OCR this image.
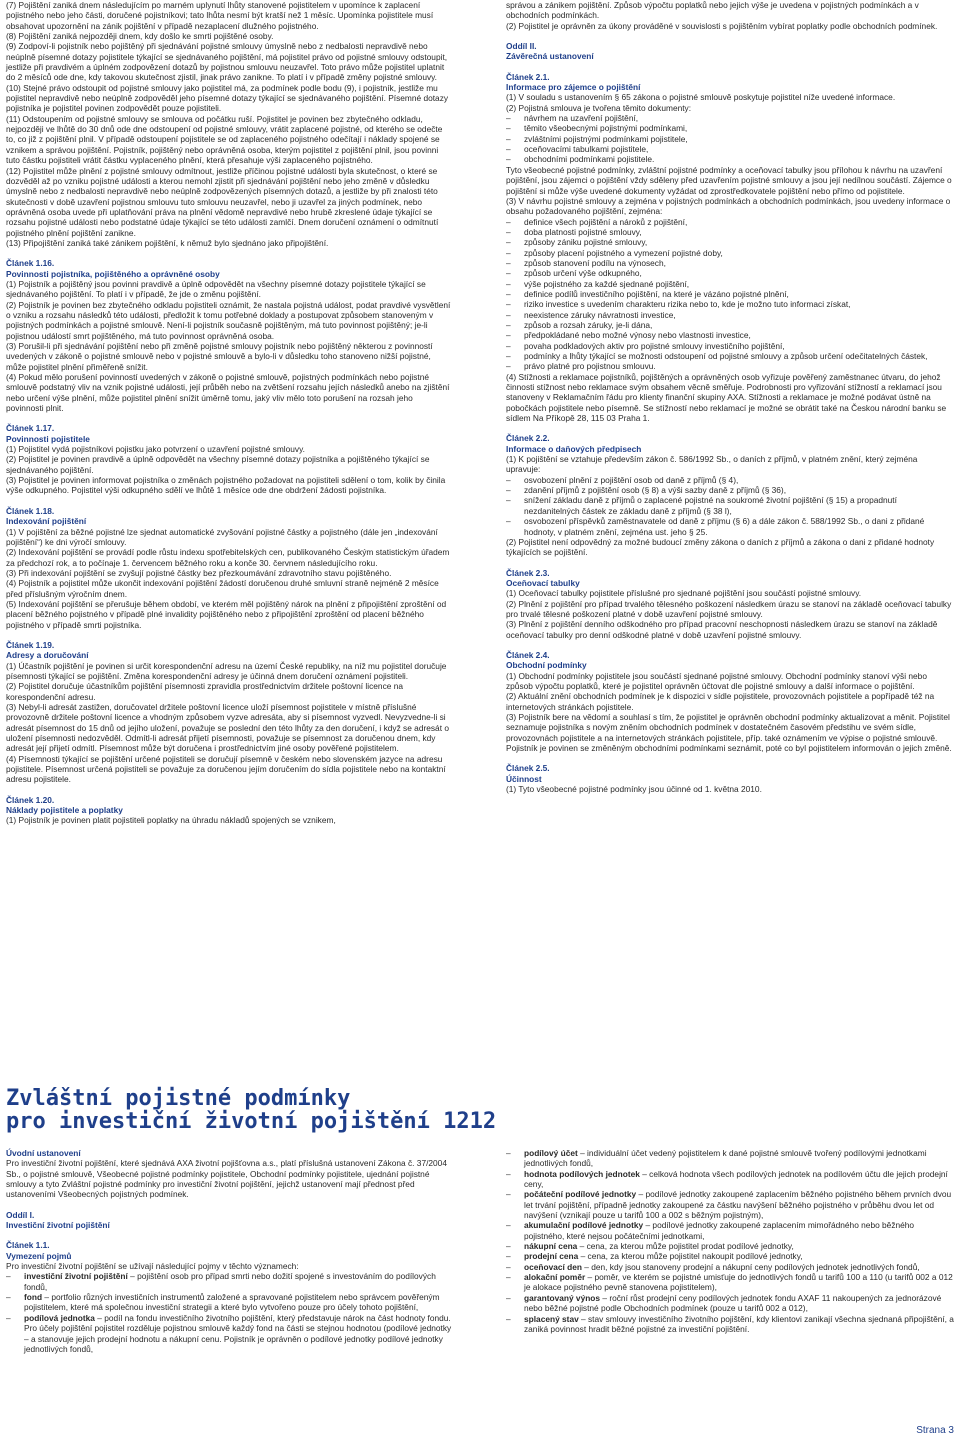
(7) Pojištění zaniká dnem následujícím po marném uplynutí lhůty stanovené pojistitelem v upomínce k zaplacení pojistného nebo jeho části, doručené pojistníkovi; tato lhůta nesmí být kratší než 1 měsíc. Upomínka pojistitele musí obsahovat upozornění na zánik pojištění v případě nezaplacení dlužného pojistného.

(8) Pojištění zaniká nejpozději dnem, kdy došlo ke smrti pojištěné osoby.

(9) Zodpoví-li pojistník nebo pojištěný při sjednávání pojistné smlouvy úmyslně nebo z nedbalosti nepravdivě nebo neúplně písemné dotazy pojistitele týkající se sjednávaného pojištění, má pojistitel právo od pojistné smlouvy odstoupit, jestliže při pravdivém a úplném zodpovězení dotazů by pojistnou smlouvu neuzavřel. Toto právo může pojistitel uplatnit do 2 měsíců ode dne, kdy takovou skutečnost zjistil, jinak právo zanikne. To platí i v případě změny pojistné smlouvy.

(10) Stejné právo odstoupit od pojistné smlouvy jako pojistitel má, za podmínek podle bodu (9), i pojistník, jestliže mu pojistitel nepravdivě nebo neúplně zodpověděl jeho písemné dotazy týkající se sjednávaného pojištění. Písemné dotazy pojistníka je pojistitel povinen zodpovědět pouze pojistiteli.

(11) Odstoupením od pojistné smlouvy se smlouva od počátku ruší. Pojistitel je povinen bez zbytečného odkladu, nejpozději ve lhůtě do 30 dnů ode dne odstoupení od pojistné smlouvy, vrátit zaplacené pojistné, od kterého se odečte to, co již z pojištění plnil. V případě odstoupení pojistitele se od zaplaceného pojistného odečítají i náklady spojené se vznikem a správou pojištění. Pojistník, pojištěný nebo oprávněná osoba, kterým pojistitel z pojištění plnil, jsou povinni tuto částku pojistiteli vrátit částku vyplaceného plnění, která přesahuje výši zaplaceného pojistného.

(12) Pojistitel může plnění z pojistné smlouvy odmítnout, jestliže příčinou pojistné události byla skutečnost, o které se dozvěděl až po vzniku pojistné události a kterou nemohl zjistit při sjednávání pojištění nebo jeho změně v důsledku úmyslně nebo z nedbalosti nepravdivě nebo neúplně zodpovězených písemných dotazů, a jestliže by při znalosti této skutečnosti v době uzavření pojistnou smlouvu tuto smlouvu neuzavřel, nebo ji uzavřel za jiných podmínek, nebo oprávněná osoba uvede při uplatňování práva na plnění vědomě nepravdivé nebo hrubě zkreslené údaje týkající se rozsahu pojistné události nebo podstatné údaje týkající se této události zamlčí. Dnem doručení oznámení o odmítnutí pojistného plnění pojištění zanikne.

(13) Připojištění zaniká také zánikem pojištění, k němuž bylo sjednáno jako připojištění.

Článek 1.16.

Povinnosti pojistníka, pojištěného a oprávněné osoby

(1) Pojistník a pojištěný jsou povinni pravdivě a úplně odpovědět na všechny písemné dotazy pojistitele týkající se sjednávaného pojištění. To platí i v případě, že jde o změnu pojištění.

(2) Pojistník je povinen bez zbytečného odkladu pojistiteli oznámit, že nastala pojistná událost, podat pravdivé vysvětlení o vzniku a rozsahu následků této události, předložit k tomu potřebné doklady a postupovat způsobem stanoveným v pojistných podmínkách a pojistné smlouvě. Není-li pojistník současně pojištěným, má tuto povinnost pojištěný; je-li pojistnou událostí smrt pojištěného, má tuto povinnost oprávněná osoba.

(3) Porušil-li při sjednávání pojištění nebo při změně pojistné smlouvy pojistník nebo pojištěný některou z povinností uvedených v zákoně o pojistné smlouvě nebo v pojistné smlouvě a bylo-li v důsledku toho stanoveno nižší pojistné, může pojistitel plnění přiměřeně snížit.

(4) Pokud mělo porušení povinností uvedených v zákoně o pojistné smlouvě, pojistných podmínkách nebo pojistné smlouvě podstatný vliv na vznik pojistné události, její průběh nebo na zvětšení rozsahu jejích následků anebo na zjištění nebo určení výše plnění, může pojistitel plnění snížit úměrně tomu, jaký vliv mělo toto porušení na rozsah jeho povinnosti plnit.

Článek 1.17.

Povinnosti pojistitele

(1) Pojistitel vydá pojistníkovi pojistku jako potvrzení o uzavření pojistné smlouvy.

(2) Pojistitel je povinen pravdivě a úplně odpovědět na všechny písemné dotazy pojistníka a pojištěného týkající se sjednávaného pojištění.

(3) Pojistitel je povinen informovat pojistníka o změnách pojistného požadovat na pojistiteli sdělení o tom, kolik by činila výše odkupného. Pojistitel výši odkupného sdělí ve lhůtě 1 měsíce ode dne obdržení žádosti pojistníka.

Článek 1.18.

Indexování pojištění

(1) V pojištění za běžné pojistné lze sjednat automatické zvyšování pojistné částky a pojistného (dále jen „indexování pojištění“) ke dni výročí smlouvy.

(2) Indexování pojištění se provádí podle růstu indexu spotřebitelských cen, publikovaného Českým statistickým úřadem za předchozí rok, a to počínaje 1. červencem běžného roku a konče 30. červnem následujícího roku.

(3) Při indexování pojištění se zvyšují pojistné částky bez přezkoumávání zdravotního stavu pojištěného.

(4) Pojistník a pojistitel může ukončit indexování pojištění žádostí doručenou druhé smluvní straně nejméně 2 měsíce před příslušným výročním dnem.

(5) Indexování pojištění se přerušuje během období, ve kterém měl pojištěný nárok na plnění z připojištění zproštění od placení běžného pojistného v případě plné invalidity pojištěného nebo z připojištění zproštění od placení běžného pojistného v případě smrti pojistníka.

Článek 1.19.

Adresy a doručování

(1) Účastník pojištění je povinen si určit korespondenční adresu na území České republiky, na níž mu pojistitel doručuje písemnosti týkající se pojištění. Změna korespondenční adresy je účinná dnem doručení oznámení pojistiteli.

(2) Pojistitel doručuje účastníkům pojištění písemnosti zpravidla prostřednictvím držitele poštovní licence na korespondenční adresu.

(3) Nebyl-li adresát zastižen, doručovatel držitele poštovní licence uloží písemnost pojistitele v místně příslušné provozovně držitele poštovní licence a vhodným způsobem vyzve adresáta, aby si písemnost vyzvedl. Nevyzvedne-li si adresát písemnost do 15 dnů od jejího uložení, považuje se poslední den této lhůty za den doručení, i když se adresát o uložení písemnosti nedozvěděl. Odmítl-li adresát přijetí písemnosti, považuje se písemnost za doručenou dnem, kdy adresát její přijetí odmítl. Písemnost může být doručena i prostřednictvím jiné osoby pověřené pojistitelem.

(4) Písemnosti týkající se pojištění určené pojistiteli se doručují písemně v českém nebo slovenském jazyce na adresu pojistitele. Písemnost určená pojistiteli se považuje za doručenou jejím doručením do sídla pojistitele nebo na kontaktní adresu pojistitele.

Článek 1.20.

Náklady pojistitele a poplatky

(1) Pojistník je povinen platit pojistiteli poplatky na úhradu nákladů spojených se vznikem,

správou a zánikem pojištění. Způsob výpočtu poplatků nebo jejich výše je uvedena v pojistných podmínkách a v obchodních podmínkách.

(2) Pojistitel je oprávněn za úkony prováděné v souvislosti s pojištěním vybírat poplatky podle obchodních podmínek.

Oddíl II.

Závěrečná ustanovení

Článek 2.1.

Informace pro zájemce o pojištění

(1) V souladu s ustanovením § 65 zákona o pojistné smlouvě poskytuje pojistitel níže uvedené informace.

(2) Pojistná smlouva je tvořena těmito dokumenty:

–	návrhem na uzavření pojištění,
–	těmito všeobecnými pojistnými podmínkami,
–	zvláštními pojistnými podmínkami pojistitele,
–	oceňovacími tabulkami pojistitele,
–	obchodními podmínkami pojistitele.

Tyto všeobecné pojistné podmínky, zvláštní pojistné podmínky a oceňovací tabulky jsou přílohou k návrhu na uzavření pojištění, jsou zájemci o pojištění vždy sděleny před uzavřením pojistné smlouvy a jsou její nedílnou součástí. Zájemce o pojištění si může výše uvedené dokumenty vyžádat od zprostředkovatele pojištění nebo přímo od pojistitele.

(3) V návrhu pojistné smlouvy a zejména v pojistných podmínkách a obchodních podmínkách, jsou uvedeny informace o obsahu požadovaného pojištění, zejména:

–	definice všech pojištění a nároků z pojištění,
–	doba platnosti pojistné smlouvy,
–	způsoby zániku pojistné smlouvy,
–	způsoby placení pojistného a vymezení pojistné doby,
–	způsob stanovení podílu na výnosech,
–	způsob určení výše odkupného,
–	výše pojistného za každé sjednané pojištění,
–	definice podílů investičního pojištění, na které je vázáno pojistné plnění,
–	riziko investice s uvedením charakteru rizika nebo to, kde je možno tuto informaci získat,
–	neexistence záruky návratnosti investice,
–	způsob a rozsah záruky, je-li dána,
–	předpokládané nebo možné výnosy nebo vlastnosti investice,
–	povaha podkladových aktiv pro pojistné smlouvy investičního pojištění,
–	podmínky a lhůty týkající se možnosti odstoupení od pojistné smlouvy a způsob určení odečitatelných částek,
–	právo platné pro pojistnou smlouvu.

(4) Stížnosti a reklamace pojistníků, pojištěných a oprávněných osob vyřizuje pověřený zaměstnanec útvaru, do jehož činnosti stížnost nebo reklamace svým obsahem věcně směřuje. Podrobnosti pro vyřizování stížností a reklamací jsou stanoveny v Reklamačním řádu pro klienty finanční skupiny AXA. Stížnosti a reklamace je možné podávat ústně na pobočkách pojistitele nebo písemně. Se stížností nebo reklamací je možné se obrátit také na Českou národní banku se sídlem Na Příkopě 28, 115 03 Praha 1.

Článek 2.2.

Informace o daňových předpisech

(1) K pojištění se vztahuje především zákon č. 586/1992 Sb., o daních z příjmů, v platném znění, který zejména upravuje:

–	osvobození plnění z pojištění osob od daně z příjmů (§ 4),
–	zdanění příjmů z pojištění osob (§ 8) a výši sazby daně z příjmů (§ 36),
–	snížení základu daně z příjmů o zaplacené pojistné na soukromé životní pojištění (§ 15) a propadnutí nezdanitelných částek ze základu daně z příjmů (§ 38 l),
–	osvobození příspěvků zaměstnavatele od daně z příjmu (§ 6) a dále zákon č. 588/1992 Sb., o dani z přidané hodnoty, v platném znění, zejména ust. jeho § 25.

(2) Pojistitel není odpovědný za možné budoucí změny zákona o daních z příjmů a zákona o dani z přidané hodnoty týkajících se pojištění.

Článek 2.3.

Oceňovací tabulky

(1) Oceňovací tabulky pojistitele příslušné pro sjednané pojištění jsou součástí pojistné smlouvy.

(2) Plnění z pojištění pro případ trvalého tělesného poškození následkem úrazu se stanoví na základě oceňovací tabulky pro trvalé tělesné poškození platné v době uzavření pojistné smlouvy.

(3) Plnění z pojištění denního odškodného pro případ pracovní neschopnosti následkem úrazu se stanoví na základě oceňovací tabulky pro denní odškodné platné v době uzavření pojistné smlouvy.

Článek 2.4.

Obchodní podmínky

(1) Obchodní podmínky pojistitele jsou součástí sjednané pojistné smlouvy. Obchodní podmínky stanoví výši nebo způsob výpočtu poplatků, které je pojistitel oprávněn účtovat dle pojistné smlouvy a další informace o pojištění.

(2) Aktuální znění obchodních podmínek je k dispozici v sídle pojistitele, provozovnách pojistitele a popřípadě též na internetových stránkách pojistitele.

(3) Pojistník bere na vědomí a souhlasí s tím, že pojistitel je oprávněn obchodní podmínky aktualizovat a měnit. Pojistitel seznamuje pojistníka s novým zněním obchodních podmínek v dostatečném časovém předstihu ve svém sídle, provozovnách pojistitele a na internetových stránkách pojistitele, příp. také oznámením ve výpise o pojistné smlouvě. Pojistník je povinen se změněným obchodními podmínkami seznámit, poté co byl pojistitelem informován o jejich změně.

Článek 2.5.

Účinnost

(1) Tyto všeobecné pojistné podmínky jsou účinné od 1. května 2010.

Zvláštní pojistné podmínky
pro investiční životní pojištění 1212

Úvodní ustanovení

Pro investiční životní pojištění, které sjednává AXA životní pojišťovna a.s., platí příslušná ustanovení Zákona č. 37/2004 Sb., o pojistné smlouvě, Všeobecné pojistné podmínky pojistitele, Obchodní podmínky pojistitele, ujednání pojistné smlouvy a tyto Zvláštní pojistné podmínky pro investiční životní pojištění, jejichž ustanovení mají přednost před ustanoveními Všeobecných pojistných podmínek.

Oddíl I.

Investiční životní pojištění

Článek 1.1.

Vymezení pojmů

Pro investiční životní pojištění se užívají následující pojmy v těchto významech:

–	investiční životní pojištění – pojištění osob pro případ smrti nebo dožití spojené s investováním do podílových fondů,
–	fond – portfolio různých investičních instrumentů založené a spravované pojistitelem nebo správcem pověřeným pojistitelem, které má společnou investiční strategii a které bylo vytvořeno pouze pro účely tohoto pojištění,
–	podílová jednotka – podíl na fondu investičního životního pojištění, který představuje nárok na část hodnoty fondu. Pro účely pojištění pojistitel rozděluje pojistnou smlouvě každý fond na části se stejnou hodnotou (podílové jednotky – a stanovuje jejich prodejní hodnotu a nákupní cenu. Pojistník je oprávněn o podílové jednotky podílové jednotky jednotlivých fondů,
–	podílový účet – individuální účet vedený pojistitelem k dané pojistné smlouvě tvořený podílovými jednotkami jednotlivých fondů,
–	hodnota podílových jednotek – celková hodnota všech podílových jednotek na podílovém účtu dle jejich prodejní ceny,
–	počáteční podílové jednotky – podílové jednotky zakoupené zaplacením běžného pojistného během prvních dvou let trvání pojištění, případně jednotky zakoupené za částku navýšení běžného pojistného v průběhu dvou let od navýšení (vznikají pouze u tarifů 100 a 002 s běžným pojistným),
–	akumulační podílové jednotky – podílové jednotky zakoupené zaplacením mimořádného nebo běžného pojistného, které nejsou počátečními jednotkami,
–	nákupní cena – cena, za kterou může pojistitel prodat podílové jednotky,
–	prodejní cena – cena, za kterou může pojistitel nakoupit podílové jednotky,
–	oceňovací den – den, kdy jsou stanoveny prodejní a nákupní ceny podílových jednotek jednotlivých fondů,
–	alokační poměr – poměr, ve kterém se pojistné umisťuje do jednotlivých fondů u tarifů 100 a 110 (u tarifů 002 a 012 je alokace pojistného pevně stanovena pojistitelem),
–	garantovaný výnos – roční růst prodejní ceny podílových jednotek fondu AXAF 11 nakoupených za jednorázové nebo běžné pojistné podle Obchodních podmínek (pouze u tarifů 002 a 012),
–	splacený stav – stav smlouvy investičního životního pojištění, kdy klientovi zanikají všechna sjednaná připojištění, a zaniká povinnost hradit běžné pojistné za investiční pojištění.
Strana 3
